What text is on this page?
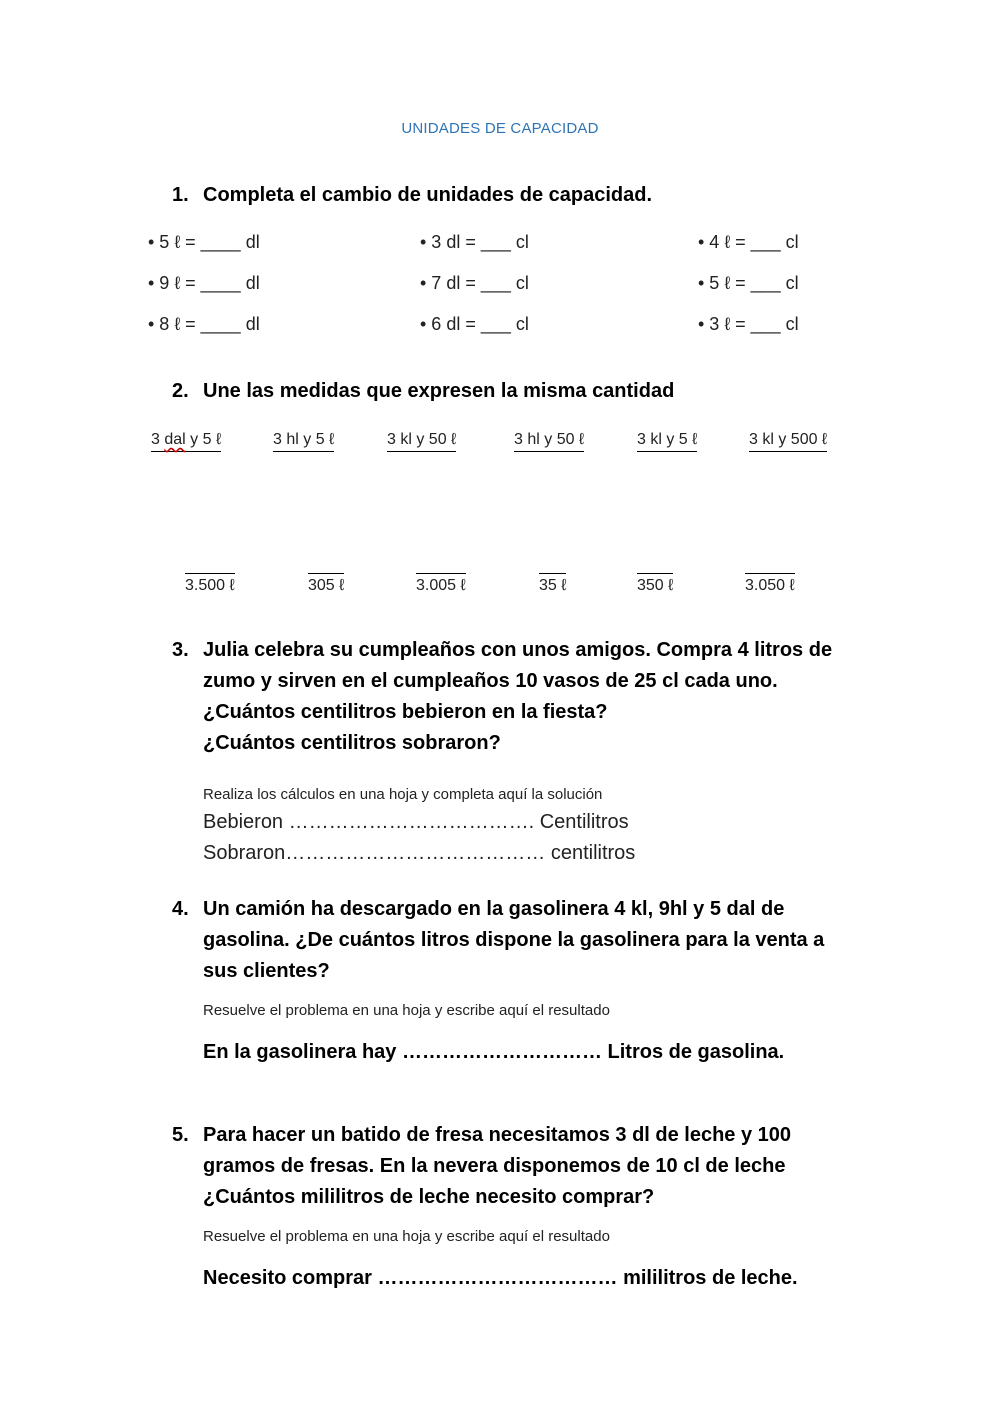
UNIDADES DE CAPACIDAD
1. Completa el cambio de unidades de capacidad.
• 5 ℓ = ____ dl
• 9 ℓ = ____ dl
• 8 ℓ = ____ dl
• 3 dl = ___ cl
• 7 dl = ___ cl
• 6 dl = ___ cl
• 4 ℓ = ___ cl
• 5 ℓ = ___ cl
• 3 ℓ = ___ cl
2. Une las medidas que expresen la misma cantidad
3 dal y 5 ℓ	3 hl y 5 ℓ	3 kl y 50 ℓ	3 hl y 50 ℓ	3 kl y 5 ℓ	3 kl y 500 ℓ
3.500 ℓ	305 ℓ	3.005 ℓ	35 ℓ	350 ℓ	3.050 ℓ
3. Julia celebra su cumpleaños con unos amigos. Compra 4 litros de
zumo y sirven en el cumpleaños 10 vasos de 25 cl cada uno.
¿Cuántos centilitros bebieron en la fiesta?
¿Cuántos centilitros sobraron?
Realiza los cálculos en una hoja y completa aquí la solución
Bebieron ………………………………. Centilitros
Sobraron………………………………… centilitros
4. Un camión ha descargado en la gasolinera 4 kl, 9hl y 5 dal de
gasolina. ¿De cuántos litros dispone la gasolinera para la venta a
sus clientes?
Resuelve el problema en una hoja y escribe aquí el resultado
En la gasolinera hay ………………………… Litros de gasolina.
5. Para hacer un batido de fresa necesitamos 3 dl de leche y 100
gramos de fresas. En la nevera disponemos de 10 cl de leche
¿Cuántos mililitros de leche necesito comprar?
Resuelve el problema en una hoja y escribe aquí el resultado
Necesito comprar ……………………………… mililitros de leche.
